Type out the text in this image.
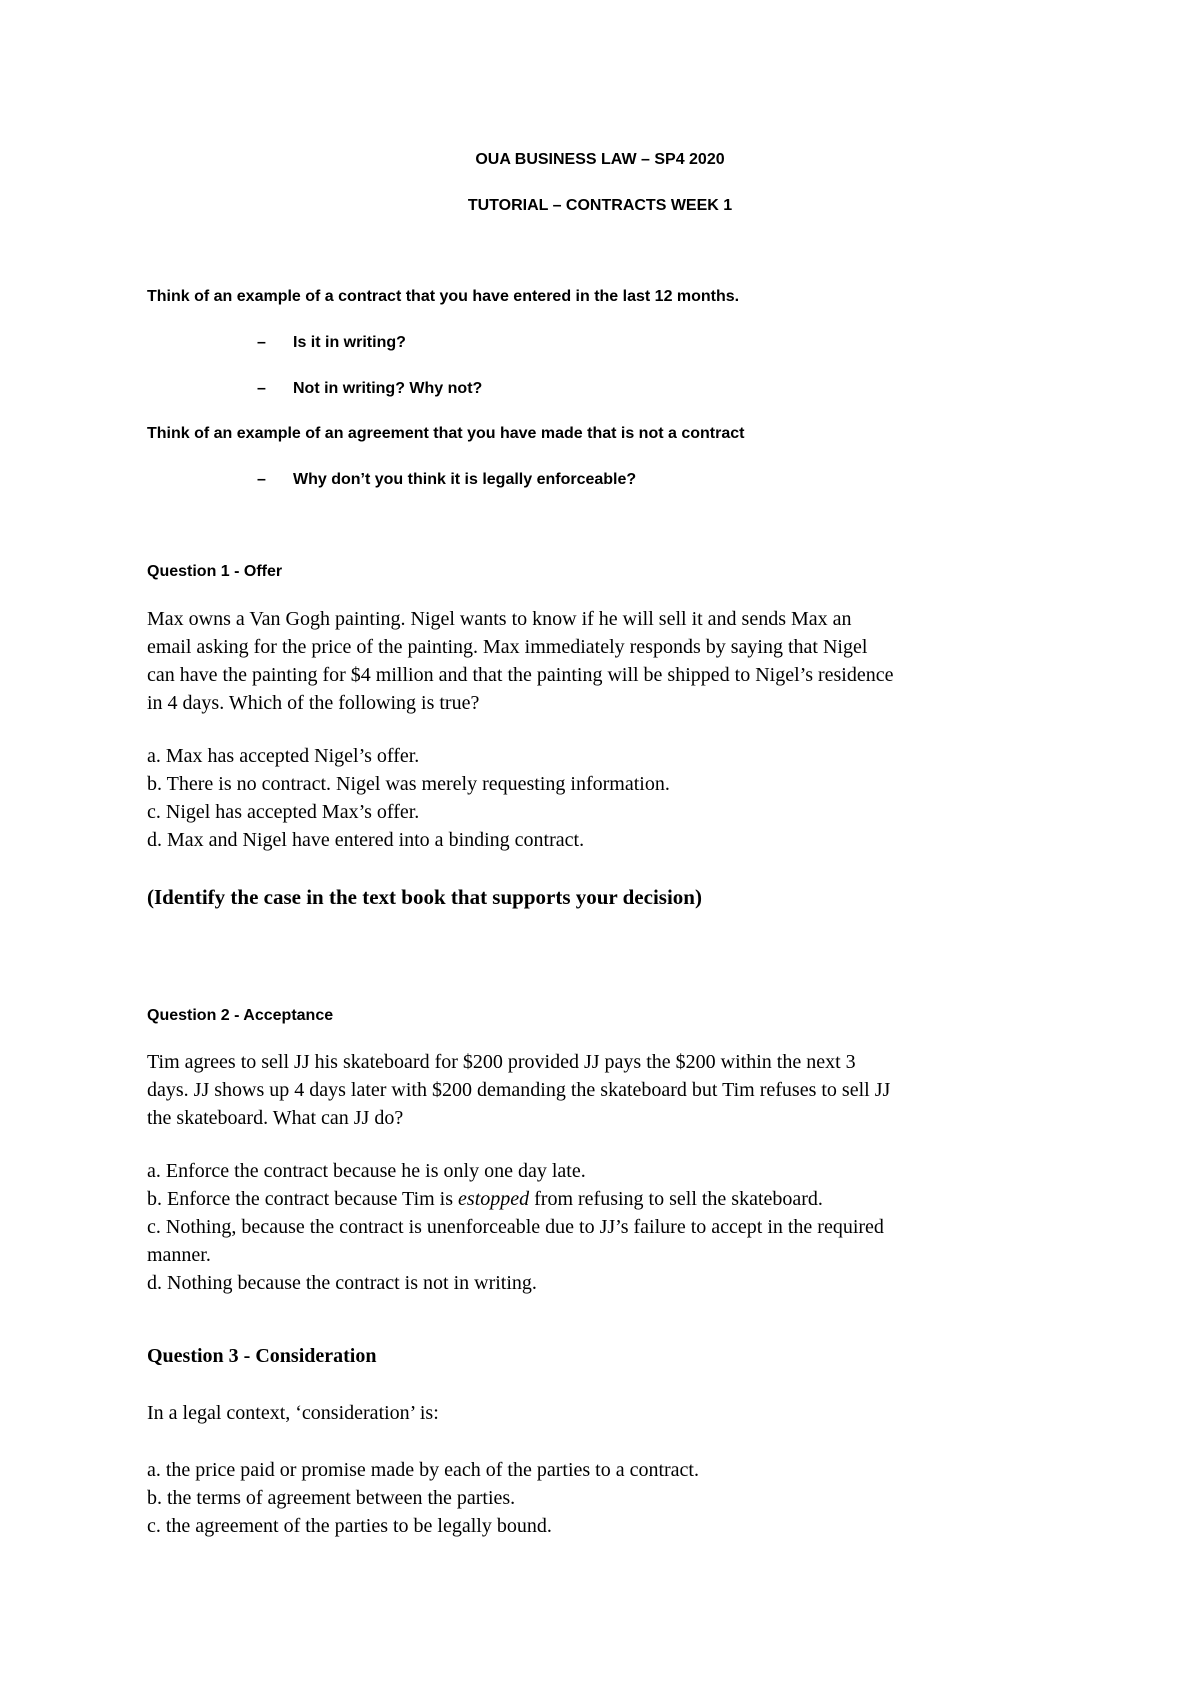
OUA BUSINESS LAW – SP4 2020
TUTORIAL – CONTRACTS WEEK 1
Think of an example of a contract that you have entered in the last 12 months.
– Is it in writing?
– Not in writing? Why not?
Think of an example of an agreement that you have made that is not a contract
– Why don’t you think it is legally enforceable?
Question 1 - Offer
Max owns a Van Gogh painting. Nigel wants to know if he will sell it and sends Max an
email asking for the price of the painting. Max immediately responds by saying that Nigel
can have the painting for $4 million and that the painting will be shipped to Nigel’s residence
in 4 days. Which of the following is true?
a. Max has accepted Nigel’s offer.
b. There is no contract. Nigel was merely requesting information.
c. Nigel has accepted Max’s offer.
d. Max and Nigel have entered into a binding contract.
(Identify the case in the text book that supports your decision)
Question 2 - Acceptance
Tim agrees to sell JJ his skateboard for $200 provided JJ pays the $200 within the next 3
days. JJ shows up 4 days later with $200 demanding the skateboard but Tim refuses to sell JJ
the skateboard. What can JJ do?
a. Enforce the contract because he is only one day late.
b. Enforce the contract because Tim is estopped from refusing to sell the skateboard.
c. Nothing, because the contract is unenforceable due to JJ’s failure to accept in the required
manner.
d. Nothing because the contract is not in writing.
Question 3 - Consideration
In a legal context, ‘consideration’ is:
a. the price paid or promise made by each of the parties to a contract.
b. the terms of agreement between the parties.
c. the agreement of the parties to be legally bound.
